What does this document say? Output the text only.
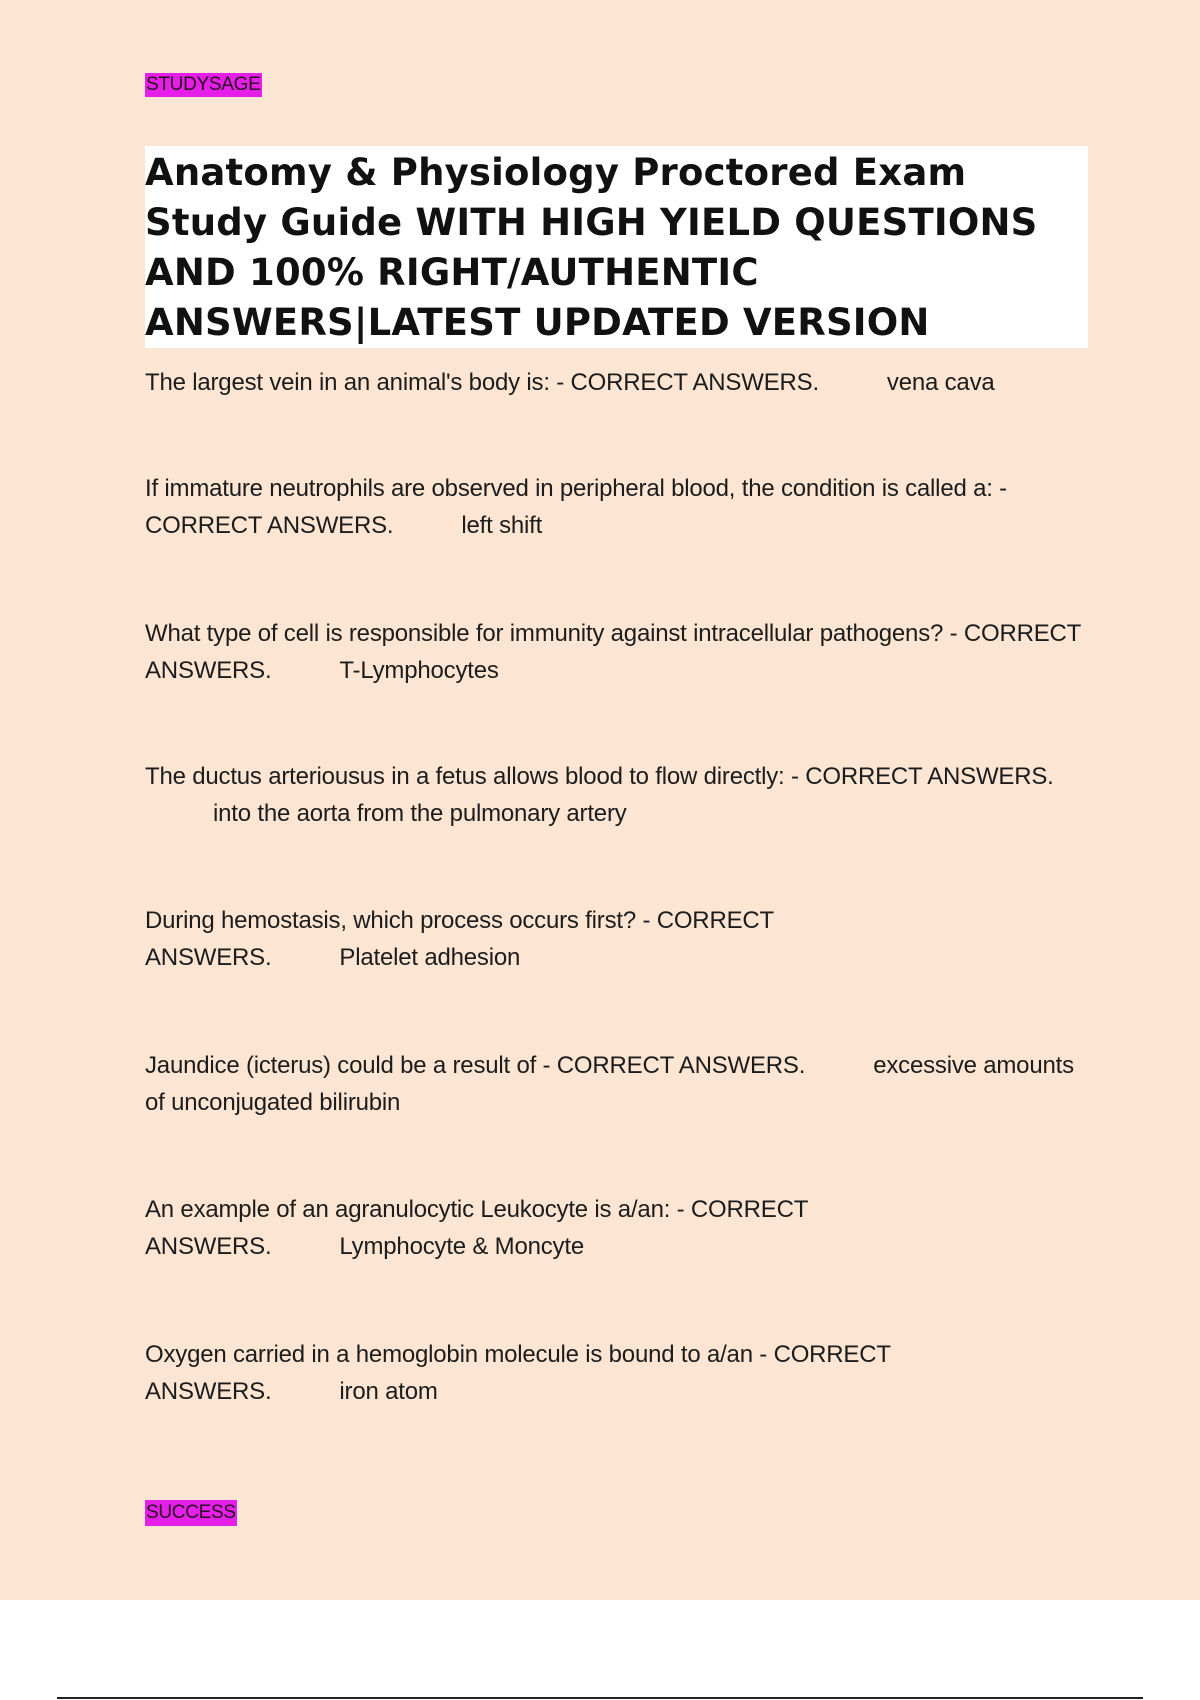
STUDYSAGE
Anatomy & Physiology Proctored Exam Study Guide WITH HIGH YIELD QUESTIONS AND 100% RIGHT/AUTHENTIC ANSWERS|LATEST UPDATED VERSION
The largest vein in an animal's body is: - CORRECT ANSWERS.	vena cava
If immature neutrophils are observed in peripheral blood, the condition is called a: - CORRECT ANSWERS.	left shift
What type of cell is responsible for immunity against intracellular pathogens? - CORRECT ANSWERS.	T-Lymphocytes
The ductus arteriousus in a fetus allows blood to flow directly: - CORRECT ANSWERS.into the aorta from the pulmonary artery
During hemostasis, which process occurs first? - CORRECT ANSWERS.	Platelet adhesion
Jaundice (icterus) could be a result of - CORRECT ANSWERS.	excessive amounts of unconjugated bilirubin
An example of an agranulocytic Leukocyte is a/an: - CORRECT ANSWERS.	Lymphocyte & Moncyte
Oxygen carried in a hemoglobin molecule is bound to a/an - CORRECT ANSWERS.	iron atom
SUCCESS
